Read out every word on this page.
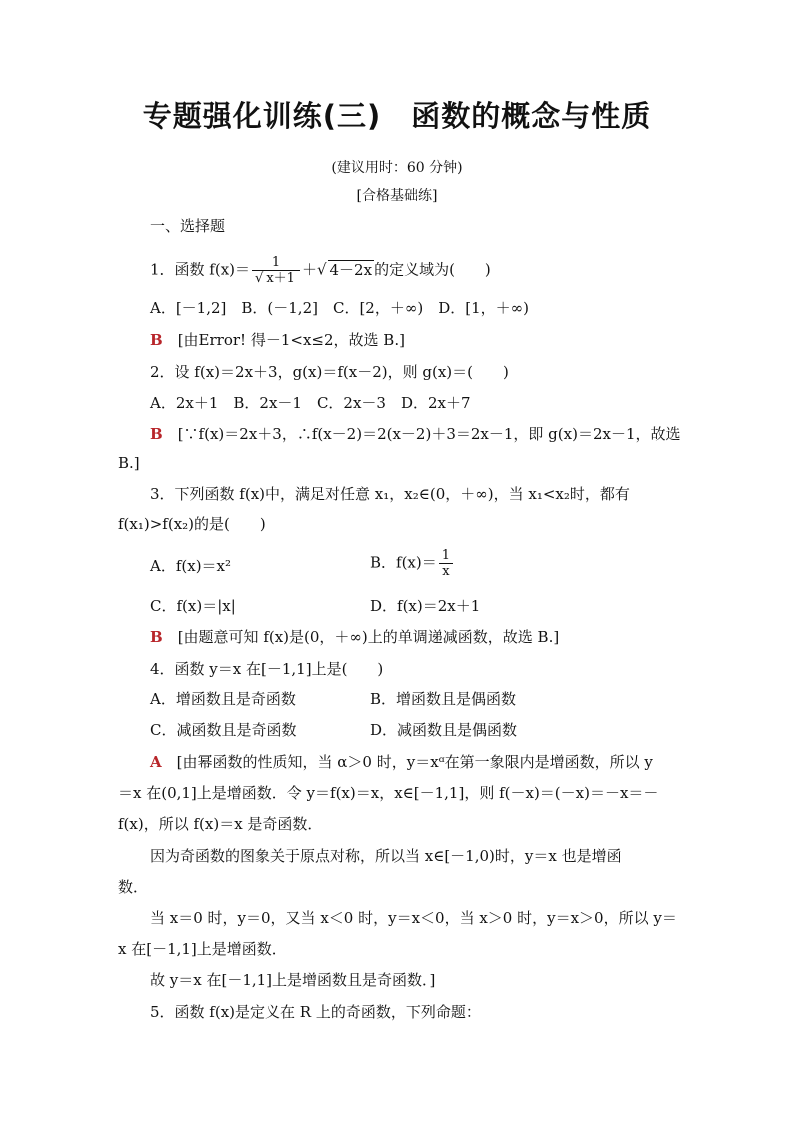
专题强化训练(三)　函数的概念与性质
(建议用时：60 分钟)
[合格基础练]
一、选择题
1．函数 $f(x)= \frac{1}{√ x+1}$ ＋√ 4－2x 的定义域为(　　)
A．[－1,2]　B．(－1,2]　C．[2，＋∞)　D．[1，＋∞)
B　 [由Error! 得－1<x≤2，故选 B.]
2．设 f(x)＝2x＋3，g(x)＝f(x－2)，则 g(x)＝(　　)
A．2x＋1　B．2x－1　C．2x－3　D．2x＋7
B　 [∵f(x)＝2x＋3，∴f(x－2)＝2(x－2)＋3＝2x－1，即 g(x)＝2x－1，故选
B.]
3．下列函数 f(x)中，满足对任意 x₁，x₂∈(0，＋∞)，当 x₁<x₂时，都有
f(x₁)>f(x₂)的是(　　)
A．f(x)＝x²	B．$f(x)= \frac{1}{x}$
C．f(x)＝|x|	D．f(x)＝2x＋1
B　 [由题意可知 f(x)是(0，＋∞)上的单调递减函数，故选 B.]
4．函数 y＝x 在[－1,1]上是(　　)
A．增函数且是奇函数	B．增函数且是偶函数
C．减函数且是奇函数	D．减函数且是偶函数
A　 [由幂函数的性质知，当 α＞0 时，y＝xᵅ在第一象限内是增函数，所以 y
＝x 在(0,1]上是增函数．令 y＝f(x)＝x，x∈[－1,1]，则 f(－x)＝(－x)＝－x＝－
f(x)，所以 f(x)＝x 是奇函数．
因为奇函数的图象关于原点对称，所以当 x∈[－1,0)时，y＝x 也是增函
数．
当 x＝0 时，y＝0，又当 x＜0 时，y＝x＜0，当 x＞0 时，y＝x＞0，所以 y＝
x 在[－1,1]上是增函数．
故 y＝x 在[－1,1]上是增函数且是奇函数．]
5．函数 f(x)是定义在 R 上的奇函数，下列命题：
